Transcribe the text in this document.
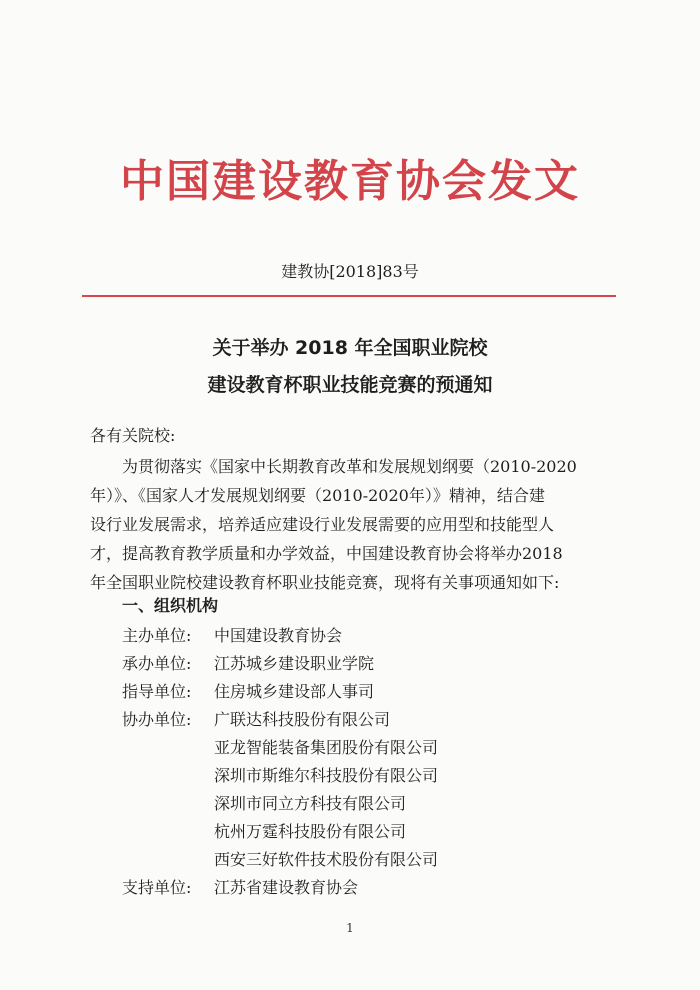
中国建设教育协会发文
建教协[2018]83号
关于举办 2018 年全国职业院校
建设教育杯职业技能竞赛的预通知
各有关院校:
为贯彻落实《国家中长期教育改革和发展规划纲要（2010-2020
年）》、《国家人才发展规划纲要（2010-2020年）》精神，结合建
设行业发展需求，培养适应建设行业发展需要的应用型和技能型人
才，提高教育教学质量和办学效益，中国建设教育协会将举办2018
年全国职业院校建设教育杯职业技能竞赛，现将有关事项通知如下:
一、组织机构
主办单位: 中国建设教育协会
承办单位: 江苏城乡建设职业学院
指导单位: 住房城乡建设部人事司
协办单位: 广联达科技股份有限公司
亚龙智能装备集团股份有限公司
深圳市斯维尔科技股份有限公司
深圳市同立方科技有限公司
杭州万霆科技股份有限公司
西安三好软件技术股份有限公司
支持单位: 江苏省建设教育协会
1
